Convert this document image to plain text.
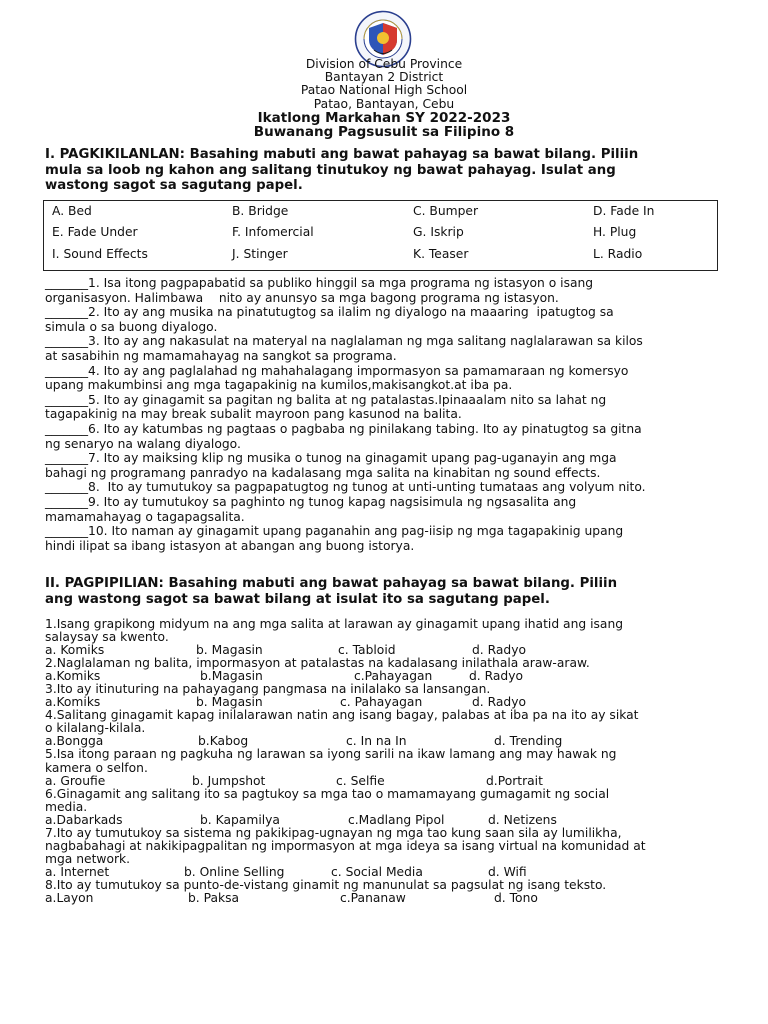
Division of Cebu Province
Bantayan 2 District
Patao National High School
Patao, Bantayan, Cebu
Ikatlong Markahan SY 2022-2023
Buwanang Pagsusulit sa Filipino 8
I. PAGKIKILANLAN: Basahing mabuti ang bawat pahayag sa bawat bilang. Piliin
mula sa loob ng kahon ang salitang tinutukoy ng bawat pahayag. Isulat ang
wastong sagot sa sagutang papel.
A. Bed	B. Bridge	C. Bumper	D. Fade In
E. Fade Under	F. Infomercial	G. Iskrip	H. Plug
I. Sound Effects	J. Stinger	K. Teaser	L. Radio
_______1. Isa itong pagpapabatid sa publiko hinggil sa mga programa ng istasyon o isang
organisasyon. Halimbawa    nito ay anunsyo sa mga bagong programa ng istasyon.
_______2. Ito ay ang musika na pinatutugtog sa ilalim ng diyalogo na maaaring  ipatugtog sa
simula o sa buong diyalogo.
_______3. Ito ay ang nakasulat na materyal na naglalaman ng mga salitang naglalarawan sa kilos
at sasabihin ng mamamahayag na sangkot sa programa.
_______4. Ito ay ang paglalahad ng mahahalagang impormasyon sa pamamaraan ng komersyo
upang makumbinsi ang mga tagapakinig na kumilos,makisangkot.at iba pa.
_______5. Ito ay ginagamit sa pagitan ng balita at ng patalastas.Ipinaaalam nito sa lahat ng
tagapakinig na may break subalit mayroon pang kasunod na balita.
_______6. Ito ay katumbas ng pagtaas o pagbaba ng pinilakang tabing. Ito ay pinatugtog sa gitna
ng senaryo na walang diyalogo.
_______7. Ito ay maiksing klip ng musika o tunog na ginagamit upang pag-uganayin ang mga
bahagi ng programang panradyo na kadalasang mga salita na kinabitan ng sound effects.
_______8.  Ito ay tumutukoy sa pagpapatugtog ng tunog at unti-unting tumataas ang volyum nito.
_______9. Ito ay tumutukoy sa paghinto ng tunog kapag nagsisimula ng ngsasalita ang
mamamahayag o tagapagsalita.
_______10. Ito naman ay ginagamit upang paganahin ang pag-iisip ng mga tagapakinig upang
hindi ilipat sa ibang istasyon at abangan ang buong istorya.
II. PAGPIPILIAN: Basahing mabuti ang bawat pahayag sa bawat bilang. Piliin
ang wastong sagot sa bawat bilang at isulat ito sa sagutang papel.
1.Isang grapikong midyum na ang mga salita at larawan ay ginagamit upang ihatid ang isang
salaysay sa kwento.

a. Komiks

	b. Magasin

	c. Tabloid

	d. Radyo

2.Naglalaman ng balita, impormasyon at patalastas na kadalasang inilathala araw-araw.

a.Komiks

	b.Magasin

	c.Pahayagan

	d. Radyo

3.Ito ay itinuturing na pahayagang pangmasa na inilalako sa lansangan.

a.Komiks

	b. Magasin

	c. Pahayagan

	d. Radyo

4.Salitang ginagamit kapag inilalarawan natin ang isang bagay, palabas at iba pa na ito ay sikat
o kilalang-kilala.

a.Bongga

	b.Kabog

	c. In na In

	d. Trending

5.Isa itong paraan ng pagkuha ng larawan sa iyong sarili na ikaw lamang ang may hawak ng
kamera o selfon.

a. Groufie

	b. Jumpshot

	c. Selfie

	d.Portrait

6.Ginagamit ang salitang ito sa pagtukoy sa mga tao o mamamayang gumagamit ng social
media.

a.Dabarkads

	b. Kapamilya

	c.Madlang Pipol

	d. Netizens

7.Ito ay tumutukoy sa sistema ng pakikipag-ugnayan ng mga tao kung saan sila ay lumilikha,
nagbabahagi at nakikipagpalitan ng impormasyon at mga ideya sa isang virtual na komunidad at
mga network.

a. Internet

	b. Online Selling

	c. Social Media

	d. Wifi

8.Ito ay tumutukoy sa punto-de-vistang ginamit ng manunulat sa pagsulat ng isang teksto.

a.Layon

	b. Paksa

	c.Pananaw

	d. Tono
